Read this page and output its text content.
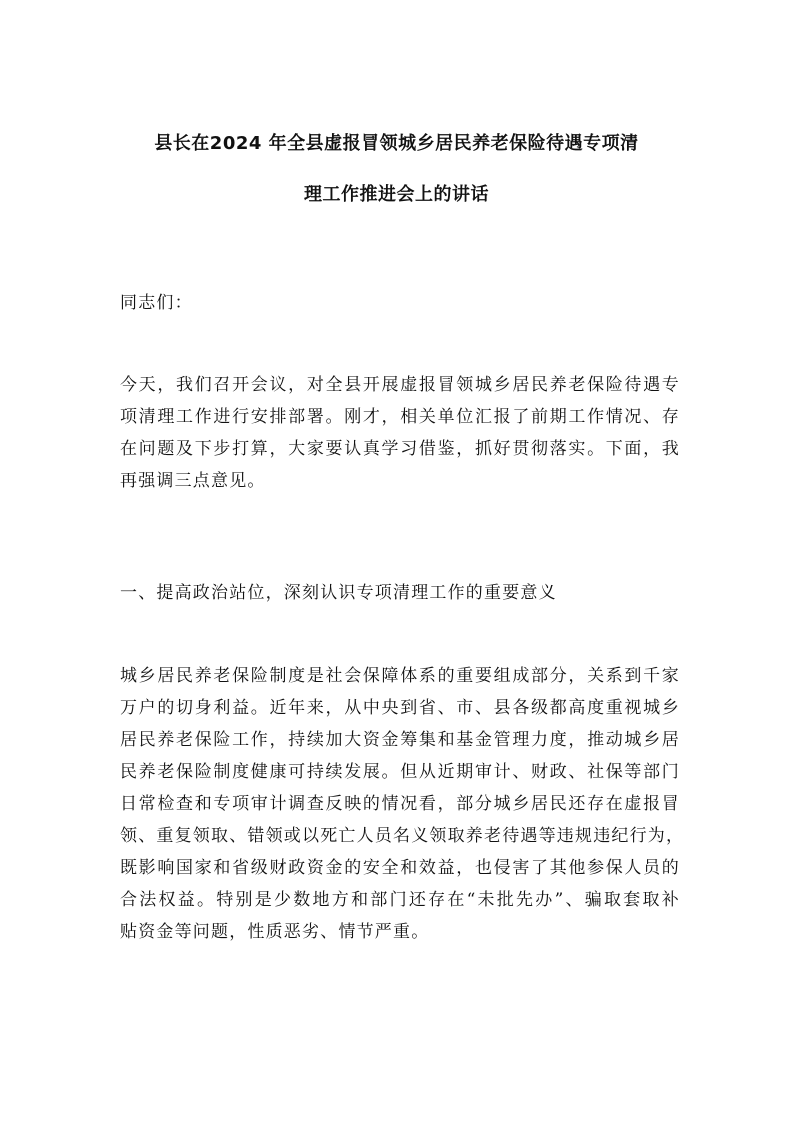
县长在2024 年全县虚报冒领城乡居民养老保险待遇专项清
理工作推进会上的讲话
同志们：
今天，我们召开会议，对全县开展虚报冒领城乡居民养老保险待遇专
项清理工作进行安排部署。刚才，相关单位汇报了前期工作情况、存
在问题及下步打算，大家要认真学习借鉴，抓好贯彻落实。下面，我
再强调三点意见。
一、提高政治站位，深刻认识专项清理工作的重要意义
城乡居民养老保险制度是社会保障体系的重要组成部分，关系到千家
万户的切身利益。近年来，从中央到省、市、县各级都高度重视城乡
居民养老保险工作，持续加大资金筹集和基金管理力度，推动城乡居
民养老保险制度健康可持续发展。但从近期审计、财政、社保等部门
日常检查和专项审计调查反映的情况看，部分城乡居民还存在虚报冒
领、重复领取、错领或以死亡人员名义领取养老待遇等违规违纪行为，
既影响国家和省级财政资金的安全和效益，也侵害了其他参保人员的
合法权益。特别是少数地方和部门还存在“未批先办”、骗取套取补
贴资金等问题，性质恶劣、情节严重。
